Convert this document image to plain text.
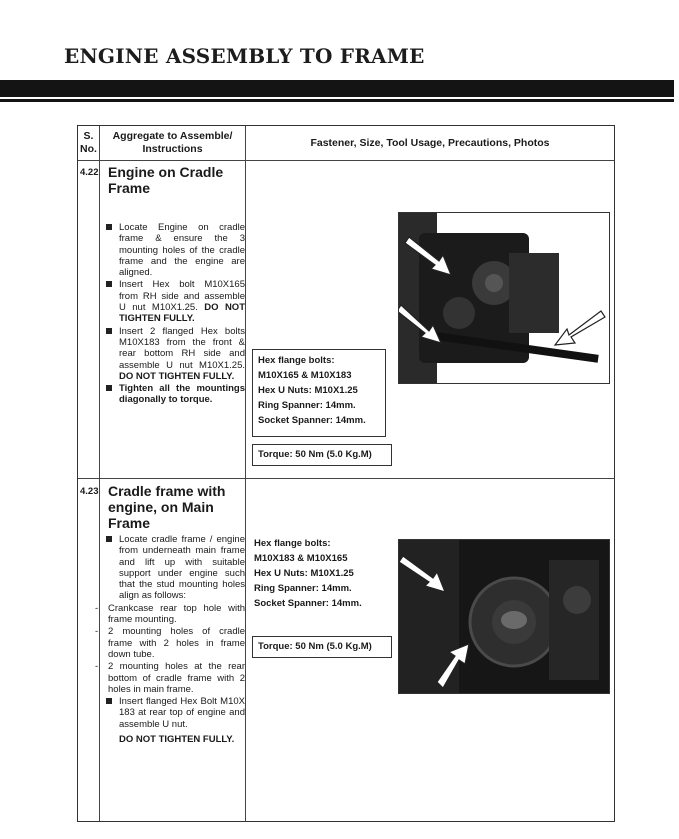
ENGINE ASSEMBLY TO FRAME
S. No.
Aggregate to Assemble/ Instructions
Fastener, Size, Tool Usage, Precautions, Photos
4.22 Engine on Cradle Frame
Locate Engine on cradle frame & ensure the 3 mounting holes of the cradle frame and the engine are aligned.
Insert Hex bolt M10X165 from RH side and assemble U nut M10X1.25. DO NOT TIGHTEN FULLY.
Insert 2 flanged Hex bolts M10X183 from the front & rear bottom RH side and assemble U nut M10X1.25. DO NOT TIGHTEN FULLY.
Tighten all the mountings diagonally to torque.
Hex flange bolts:
M10X165 & M10X183
Hex U Nuts: M10X1.25
Ring Spanner: 14mm.
Socket Spanner: 14mm.
Torque: 50 Nm (5.0 Kg.M)
4.23 Cradle frame with engine, on Main Frame
Locate cradle frame / engine from underneath main frame and lift up with suitable support under engine such that the stud mounting holes align as follows:
- Crankcase rear top hole with frame mounting.
- 2 mounting holes of cradle frame with 2 holes in frame down tube.
- 2 mounting holes at the rear bottom of cradle frame with 2 holes in main frame.
Insert flanged Hex Bolt M10X 183 at rear top of engine and assemble U nut.
DO NOT TIGHTEN FULLY.
Hex flange bolts:
M10X183 & M10X165
Hex U Nuts: M10X1.25
Ring Spanner: 14mm.
Socket Spanner: 14mm.
Torque: 50 Nm (5.0 Kg.M)
